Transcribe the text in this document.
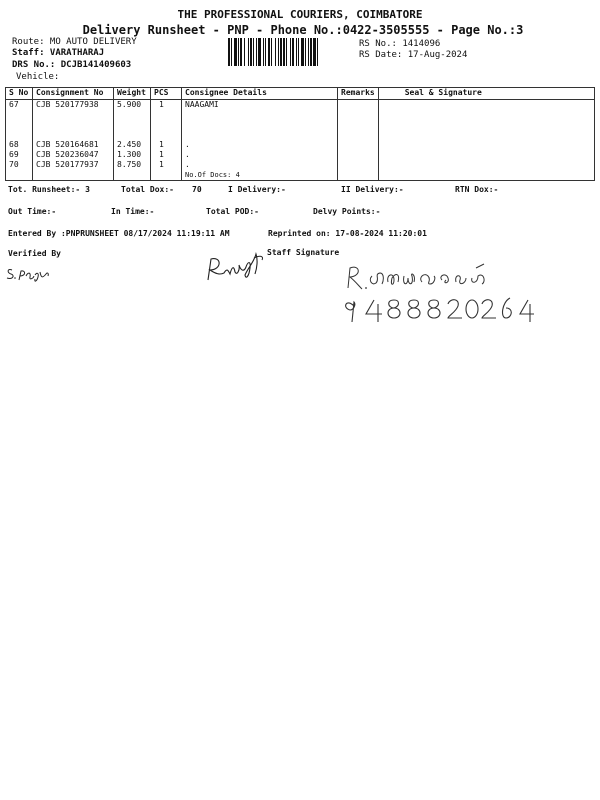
THE PROFESSIONAL COURIERS, COIMBATORE
Delivery Runsheet - PNP - Phone No.:0422-3505555 - Page No.:3
Route: MO AUTO DELIVERY
Staff: VARATHARAJ
DRS No.: DCJB141409603
Vehicle:
RS No.: 1414096
RS Date: 17-Aug-2024
S No	Consignment No	Weight	PCS	Consignee Details	Remarks	Seal & Signature
67	CJB 520177938	5.900	1	NAAGAMI		
68	CJB 520164681	2.450	1	.		
69	CJB 520236047	1.300	1	.		
70	CJB 520177937	8.750	1	.		
				No.Of Docs: 4		
Tot. Runsheet:- 3	Total Dox:- 70	I Delivery:-	II Delivery:-	RTN Dox:-
Out Time:-	In Time:-	Total POD:-	Delvy Points:-
Entered By :PNPRUNSHEET 08/17/2024 11:19:11 AM	Reprinted on: 17-08-2024 11:20:01
Verified By	Staff Signature
